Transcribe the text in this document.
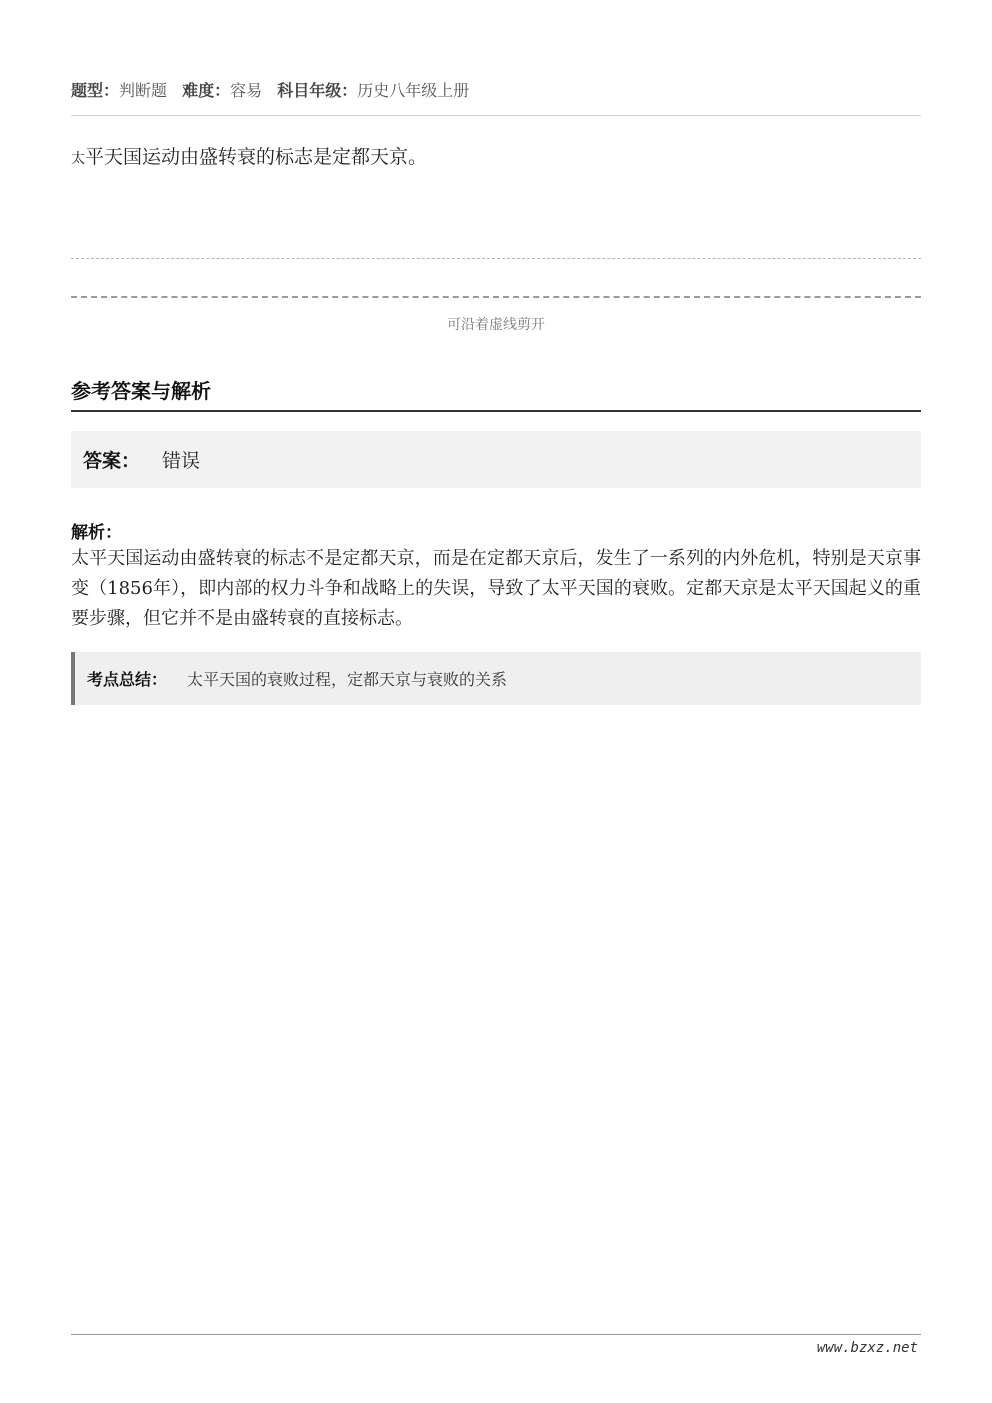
题型：判断题 难度：容易 科目年级：历史八年级上册
太平天国运动由盛转衰的标志是定都天京。
可沿着虚线剪开
参考答案与解析
答案： 错误
解析：
太平天国运动由盛转衰的标志不是定都天京，而是在定都天京后，发生了一系列的内外危机，特别是天京事变（1856年），即内部的权力斗争和战略上的失误，导致了太平天国的衰败。定都天京是太平天国起义的重要步骤，但它并不是由盛转衰的直接标志。
考点总结： 太平天国的衰败过程，定都天京与衰败的关系
www.bzxz.net
